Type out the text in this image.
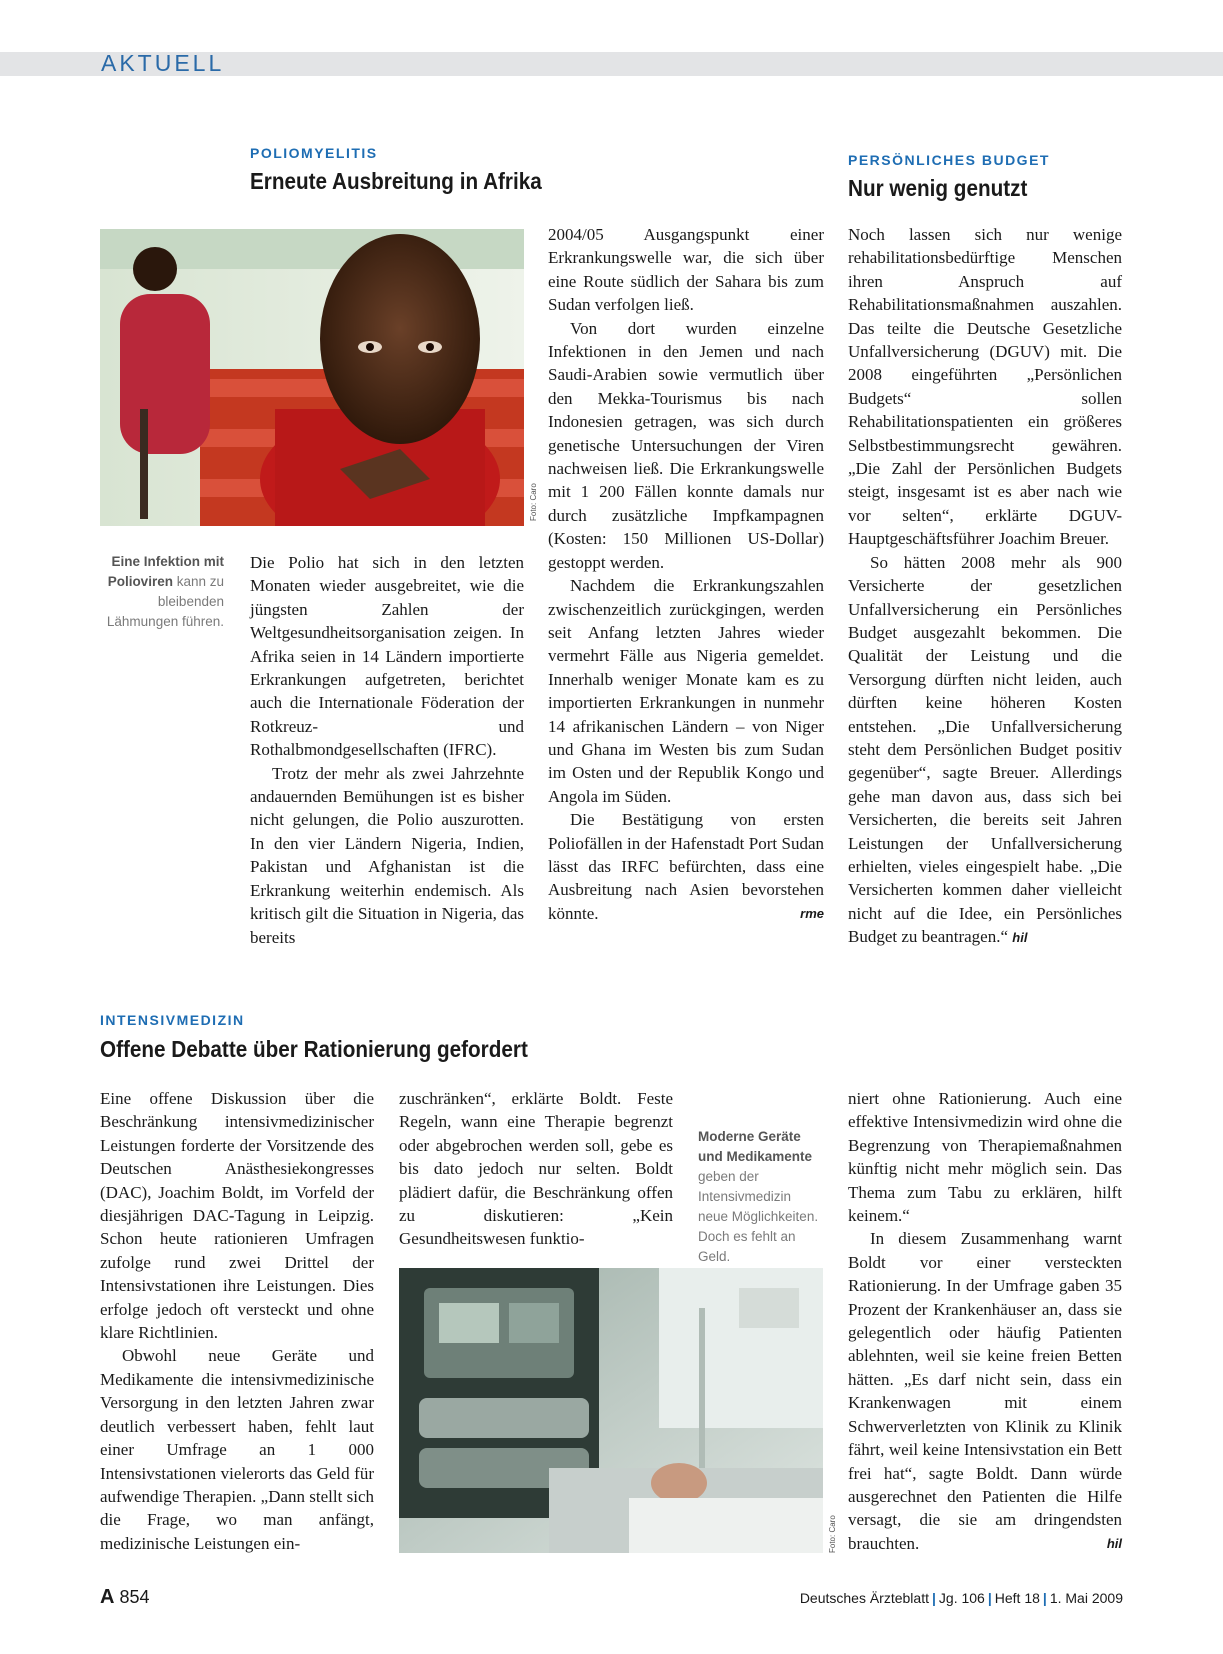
AKTUELL
POLIOMYELITIS
Erneute Ausbreitung in Afrika
Foto: Caro
Eine Infektion mit Polioviren kann zu bleibenden Lähmungen führen.

Die Polio hat sich in den letzten Monaten wieder ausgebreitet, wie die jüngsten Zahlen der Weltgesundheitsorganisation zeigen. In Afrika seien in 14 Ländern importierte Erkrankungen aufgetreten, berichtet auch die Internationale Föderation der Rotkreuz- und Rothalbmondgesellschaften (IFRC).

Trotz der mehr als zwei Jahrzehnte andauernden Bemühungen ist es bisher nicht gelungen, die Polio auszurotten. In den vier Ländern Nigeria, Indien, Pakistan und Afghanistan ist die Erkrankung weiterhin endemisch. Als kritisch gilt die Situation in Nigeria, das bereits

2004/05 Ausgangspunkt einer Erkrankungswelle war, die sich über eine Route südlich der Sahara bis zum Sudan verfolgen ließ.

Von dort wurden einzelne Infektionen in den Jemen und nach Saudi-Arabien sowie vermutlich über den Mekka-Tourismus bis nach Indonesien getragen, was sich durch genetische Untersuchungen der Viren nachweisen ließ. Die Erkrankungswelle mit 1 200 Fällen konnte damals nur durch zusätzliche Impfkampagnen (Kosten: 150 Millionen US-Dollar) gestoppt werden.

Nachdem die Erkrankungszahlen zwischenzeitlich zurückgingen, werden seit Anfang letzten Jahres wieder vermehrt Fälle aus Nigeria gemeldet. Innerhalb weniger Monate kam es zu importierten Erkrankungen in nunmehr 14 afrikanischen Ländern – von Niger und Ghana im Westen bis zum Sudan im Osten und der Republik Kongo und Angola im Süden.

Die Bestätigung von ersten Poliofällen in der Hafenstadt Port Sudan lässt das IRFC befürchten, dass eine Ausbreitung nach Asien bevorstehen könnte.	rme

PERSÖNLICHES BUDGET
Nur wenig genutzt

Noch lassen sich nur wenige rehabilitationsbedürftige Menschen ihren Anspruch auf Rehabilitationsmaßnahmen auszahlen. Das teilte die Deutsche Gesetzliche Unfallversicherung (DGUV) mit. Die 2008 eingeführten „Persönlichen Budgets“ sollen Rehabilitationspatienten ein größeres Selbstbestimmungsrecht gewähren. „Die Zahl der Persönlichen Budgets steigt, insgesamt ist es aber nach wie vor selten“, erklärte DGUV-Hauptgeschäftsführer Joachim Breuer.

So hätten 2008 mehr als 900 Versicherte der gesetzlichen Unfallversicherung ein Persönliches Budget ausgezahlt bekommen. Die Qualität der Leistung und die Versorgung dürften nicht leiden, auch dürften keine höheren Kosten entstehen. „Die Unfallversicherung steht dem Persönlichen Budget positiv gegenüber“, sagte Breuer. Allerdings gehe man davon aus, dass sich bei Versicherten, die bereits seit Jahren Leistungen der Unfallversicherung erhielten, vieles eingespielt habe. „Die Versicherten kommen daher vielleicht nicht auf die Idee, ein Persönliches Budget zu beantragen.“ hil

INTENSIVMEDIZIN
Offene Debatte über Rationierung gefordert

Eine offene Diskussion über die Beschränkung intensivmedizinischer Leistungen forderte der Vorsitzende des Deutschen Anästhesiekongresses (DAC), Joachim Boldt, im Vorfeld der diesjährigen DAC-Tagung in Leipzig. Schon heute rationieren Umfragen zufolge rund zwei Drittel der Intensivstationen ihre Leistungen. Dies erfolge jedoch oft versteckt und ohne klare Richtlinien.

Obwohl neue Geräte und Medikamente die intensivmedizinische Versorgung in den letzten Jahren zwar deutlich verbessert haben, fehlt laut einer Umfrage an 1 000 Intensivstationen vielerorts das Geld für aufwendige Therapien. „Dann stellt sich die Frage, wo man anfängt, medizinische Leistungen ein-

zuschränken“, erklärte Boldt. Feste Regeln, wann eine Therapie begrenzt oder abgebrochen werden soll, gebe es bis dato jedoch nur selten. Boldt plädiert dafür, die Beschränkung offen zu diskutieren: „Kein Gesundheitswesen funktio-

Moderne Geräte und Medikamente geben der Intensivmedizin neue Möglichkeiten. Doch es fehlt an Geld.
Foto: Caro

niert ohne Rationierung. Auch eine effektive Intensivmedizin wird ohne die Begrenzung von Therapiemaßnahmen künftig nicht mehr möglich sein. Das Thema zum Tabu zu erklären, hilft keinem.“

In diesem Zusammenhang warnt Boldt vor einer versteckten Rationierung. In der Umfrage gaben 35 Prozent der Krankenhäuser an, dass sie gelegentlich oder häufig Patienten ablehnten, weil sie keine freien Betten hätten. „Es darf nicht sein, dass ein Krankenwagen mit einem Schwerverletzten von Klinik zu Klinik fährt, weil keine Intensivstation ein Bett frei hat“, sagte Boldt. Dann würde ausgerechnet den Patienten die Hilfe versagt, die sie am dringendsten brauchten.	hil

A 854	Deutsches Ärzteblatt | Jg. 106 | Heft 18 | 1. Mai 2009
